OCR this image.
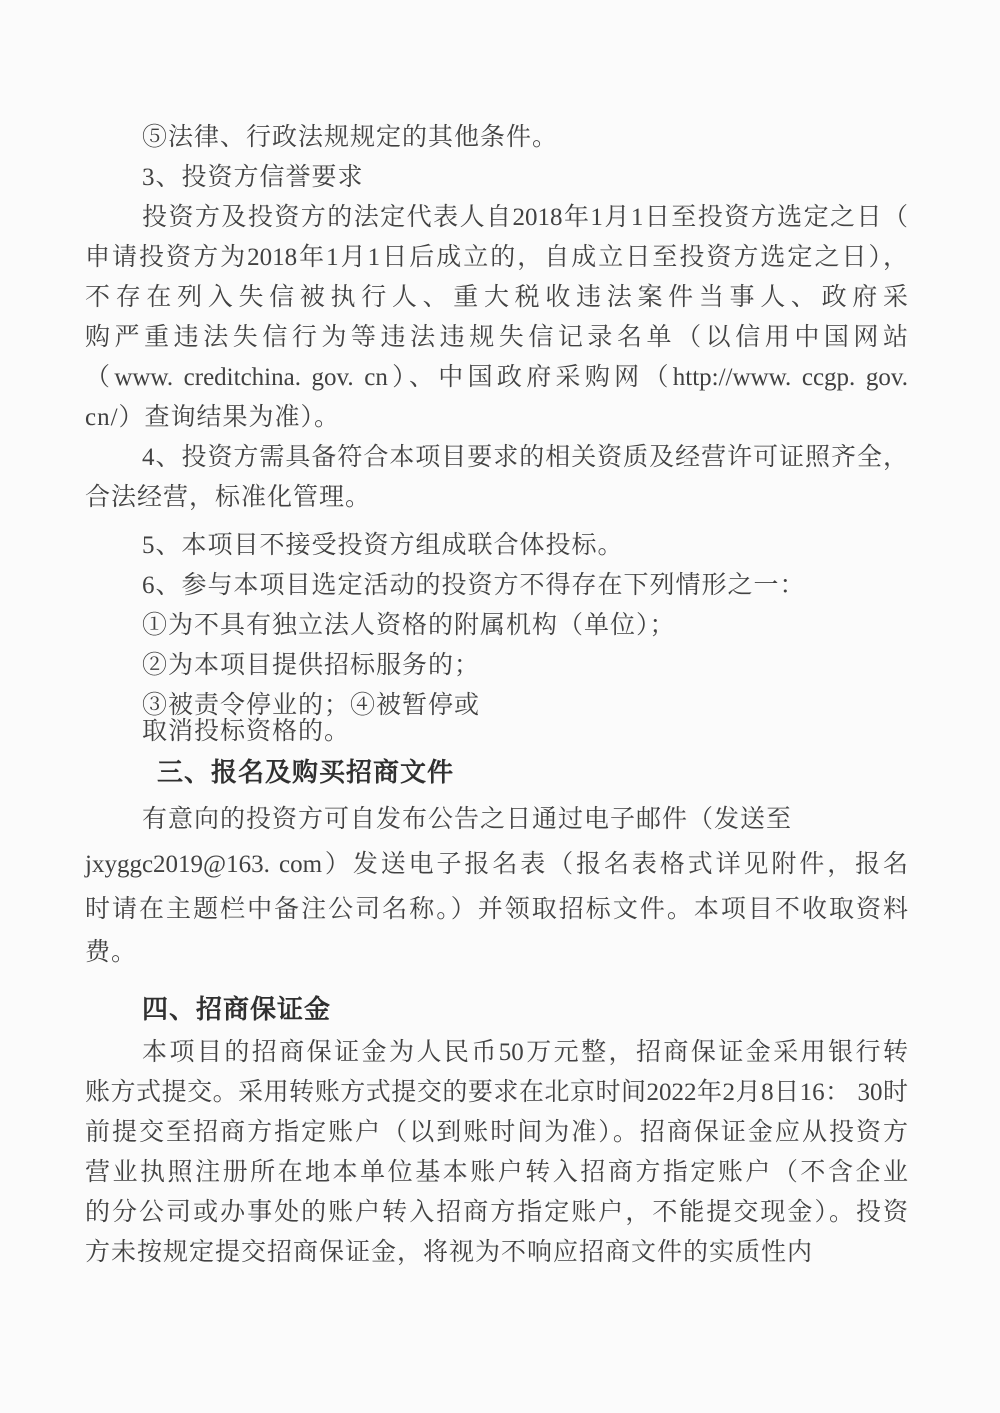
⑤法律、行政法规规定的其他条件。
3、投资方信誉要求
投资方及投资方的法定代表人自2018年1月1日至投资方选定之日（
申请投资方为2018年1月1日后成立的，自成立日至投资方选定之日），
不存在列入失信被执行人、重大税收违法案件当事人、政府采
购严重违法失信行为等违法违规失信记录名单（以信用中国网站
（www. creditchina. gov. cn）、中国政府采购网（http://www. ccgp. gov.
cn/）查询结果为准）。
4、投资方需具备符合本项目要求的相关资质及经营许可证照齐全，
合法经营，标准化管理。
5、本项目不接受投资方组成联合体投标。
6、参与本项目选定活动的投资方不得存在下列情形之一：
①为不具有独立法人资格的附属机构（单位）；
②为本项目提供招标服务的；
③被责令停业的；④被暂停或
取消投标资格的。
三、报名及购买招商文件
有意向的投资方可自发布公告之日通过电子邮件（发送至
jxyggc2019@163. com）发送电子报名表（报名表格式详见附件，报名
时请在主题栏中备注公司名称。）并领取招标文件。本项目不收取资料
费。
四、招商保证金
本项目的招商保证金为人民币50万元整，招商保证金采用银行转
账方式提交。采用转账方式提交的要求在北京时间2022年2月8日16： 30时
前提交至招商方指定账户（以到账时间为准）。招商保证金应从投资方
营业执照注册所在地本单位基本账户转入招商方指定账户（不含企业
的分公司或办事处的账户转入招商方指定账户，不能提交现金）。投资
方未按规定提交招商保证金，将视为不响应招商文件的实质性内
